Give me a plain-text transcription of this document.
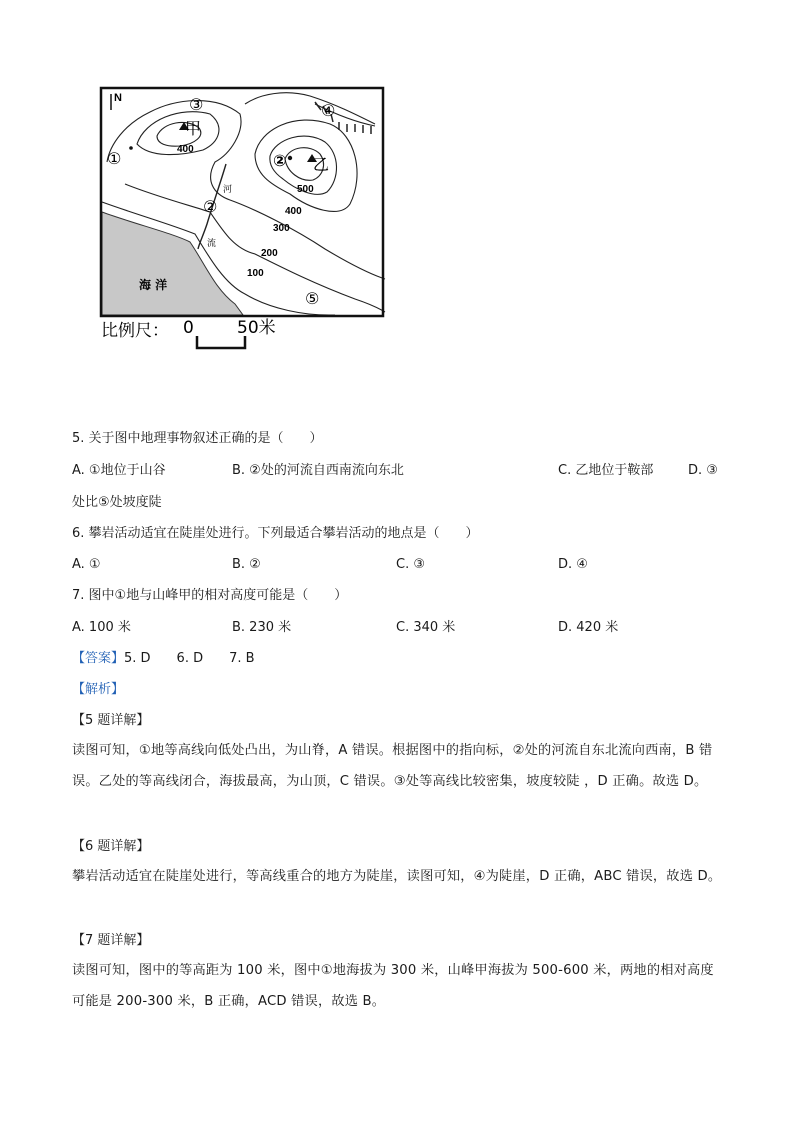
N
甲
乙
海 洋
河
流
400
500
400
300
200
100
①
②
②
③	④
⑤
比例尺： 0	50米
5. 关于图中地理事物叙述正确的是（　　）
A. ①地位于山谷	B. ②处的河流自西南流向东北	C. 乙地位于鞍部	D. ③
处比⑤处坡度陡
6. 攀岩活动适宜在陡崖处进行。下列最适合攀岩活动的地点是（　　）
A. ①	B. ②	C. ③	D. ④
7. 图中①地与山峰甲的相对高度可能是（　　）
A. 100 米	B. 230 米	C. 340 米	D. 420 米
【答案】5. D　　6. D　　7. B
【解析】
【5 题详解】
读图可知，①地等高线向低处凸出，为山脊，A 错误。根据图中的指向标，②处的河流自东北流向西南，B 错误。乙处的等高线闭合，海拔最高，为山顶，C 错误。③处等高线比较密集，坡度较陡 ，D 正确。故选 D。
【6 题详解】
攀岩活动适宜在陡崖处进行，等高线重合的地方为陡崖，读图可知，④为陡崖，D 正确，ABC 错误，故选 D。
【7 题详解】
读图可知，图中的等高距为 100 米，图中①地海拔为 300 米，山峰甲海拔为 500-600 米，两地的相对高度可能是 200-300 米，B 正确，ACD 错误，故选 B。
